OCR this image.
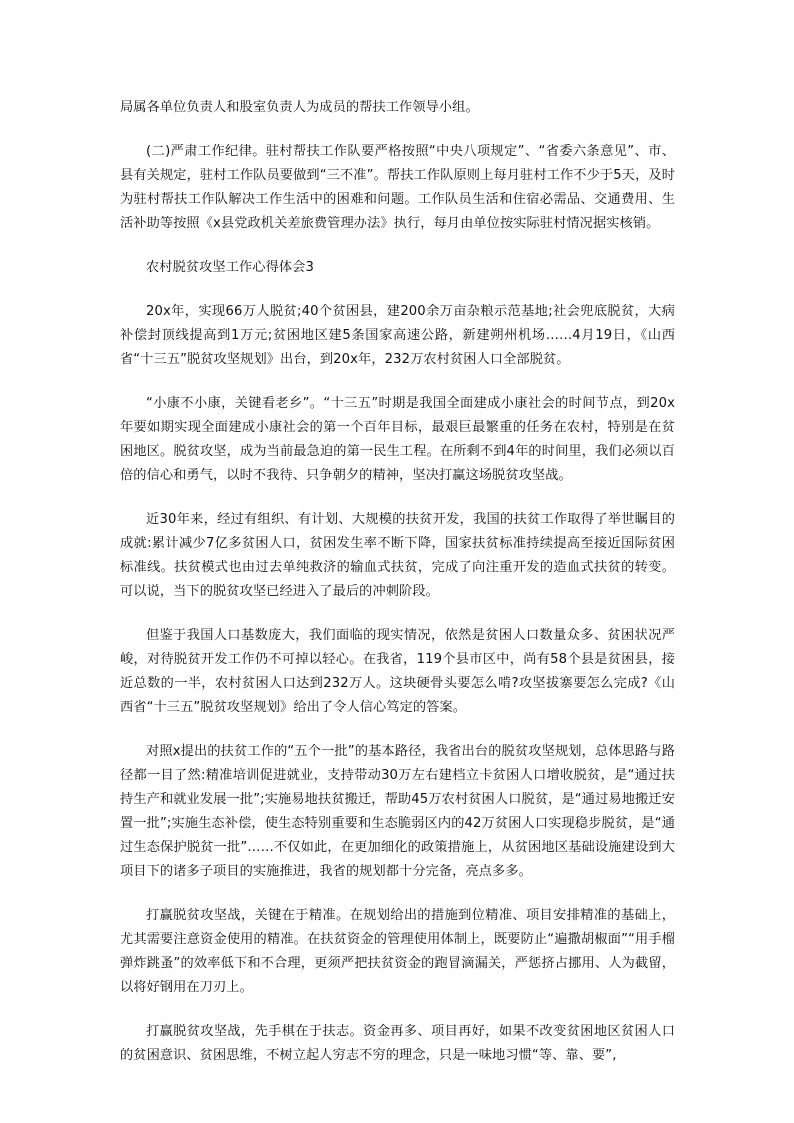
局属各单位负责人和股室负责人为成员的帮扶工作领导小组。

(二)严肃工作纪律。驻村帮扶工作队要严格按照“中央八项规定”、“省委六条意见”、市、县有关规定，驻村工作队员要做到“三不准”。帮扶工作队原则上每月驻村工作不少于5天，及时为驻村帮扶工作队解决工作生活中的困难和问题。工作队员生活和住宿必需品、交通费用、生活补助等按照《x县党政机关差旅费管理办法》执行，每月由单位按实际驻村情况据实核销。

农村脱贫攻坚工作心得体会3

20x年，实现66万人脱贫;40个贫困县，建200余万亩杂粮示范基地;社会兜底脱贫，大病补偿封顶线提高到1万元;贫困地区建5条国家高速公路，新建朔州机场……4月19日，《山西省“十三五”脱贫攻坚规划》出台，到20x年，232万农村贫困人口全部脱贫。

“小康不小康，关键看老乡”。“十三五”时期是我国全面建成小康社会的时间节点，到20x年要如期实现全面建成小康社会的第一个百年目标，最艰巨最繁重的任务在农村，特别是在贫困地区。脱贫攻坚，成为当前最急迫的第一民生工程。在所剩不到4年的时间里，我们必须以百倍的信心和勇气，以时不我待、只争朝夕的精神，坚决打赢这场脱贫攻坚战。

近30年来，经过有组织、有计划、大规模的扶贫开发，我国的扶贫工作取得了举世瞩目的成就:累计减少7亿多贫困人口，贫困发生率不断下降，国家扶贫标准持续提高至接近国际贫困标准线。扶贫模式也由过去单纯救济的输血式扶贫，完成了向注重开发的造血式扶贫的转变。可以说，当下的脱贫攻坚已经进入了最后的冲刺阶段。

但鉴于我国人口基数庞大，我们面临的现实情况，依然是贫困人口数量众多、贫困状况严峻，对待脱贫开发工作仍不可掉以轻心。在我省，119个县市区中，尚有58个县是贫困县，接近总数的一半，农村贫困人口达到232万人。这块硬骨头要怎么啃?攻坚拔寨要怎么完成?《山西省“十三五”脱贫攻坚规划》给出了令人信心笃定的答案。

对照x提出的扶贫工作的“五个一批”的基本路径，我省出台的脱贫攻坚规划，总体思路与路径都一目了然:精准培训促进就业，支持带动30万左右建档立卡贫困人口增收脱贫，是“通过扶持生产和就业发展一批”;实施易地扶贫搬迁，帮助45万农村贫困人口脱贫，是“通过易地搬迁安置一批”;实施生态补偿，使生态特别重要和生态脆弱区内的42万贫困人口实现稳步脱贫，是“通过生态保护脱贫一批”……不仅如此，在更加细化的政策措施上，从贫困地区基础设施建设到大项目下的诸多子项目的实施推进，我省的规划都十分完备，亮点多多。

打赢脱贫攻坚战，关键在于精准。在规划给出的措施到位精准、项目安排精准的基础上，尤其需要注意资金使用的精准。在扶贫资金的管理使用体制上，既要防止“遍撒胡椒面”“用手榴弹炸跳蚤”的效率低下和不合理，更须严把扶贫资金的跑冒滴漏关，严惩挤占挪用、人为截留，以将好钢用在刀刃上。

打赢脱贫攻坚战，先手棋在于扶志。资金再多、项目再好，如果不改变贫困地区贫困人口的贫困意识、贫困思维，不树立起人穷志不穷的理念，只是一味地习惯“等、靠、要”,
